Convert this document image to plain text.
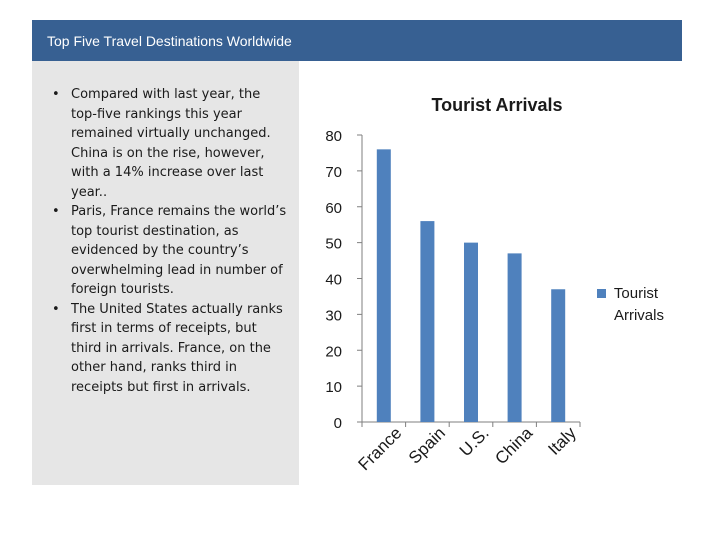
Top Five Travel Destinations Worldwide
• Compared with last year, the top-five rankings this year remained virtually unchanged. China is on the rise, however, with a 14% increase over last year..
• Paris, France remains the world’s top tourist destination, as evidenced by the country’s overwhelming lead in number of foreign tourists.
• The United States actually ranks first in terms of receipts, but third in arrivals. France, on the other hand, ranks third in receipts but first in arrivals.
Tourist Arrivals
0
10
20
30
40
50
60
70
80
France Spain U.S.
China Italy
Tourist Arrivals
